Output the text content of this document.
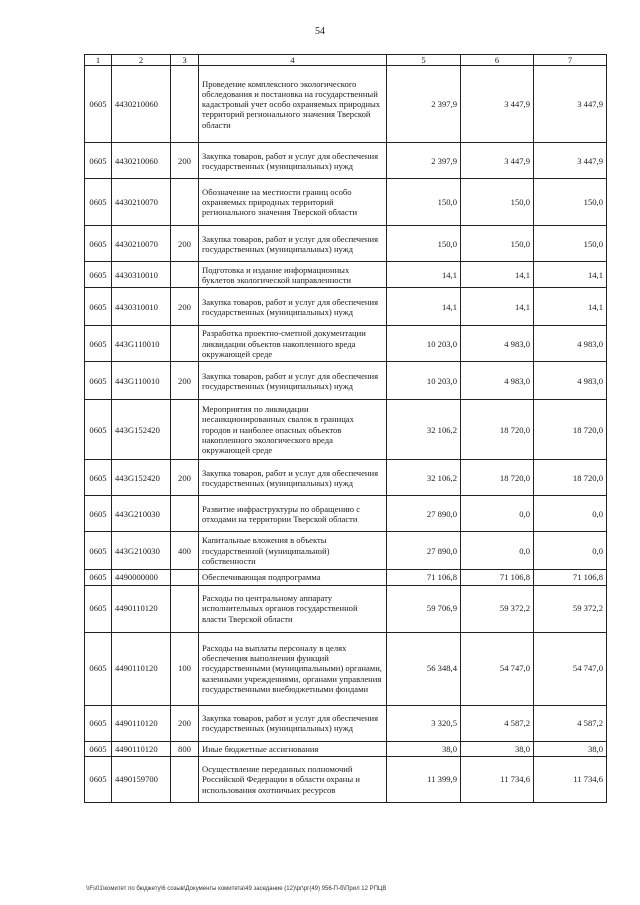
54
1	2	3	4	5	6	7
0605	4430210060		Проведение комплексного экологического обследования и постановка на государственный кадастровый учет особо охраняемых природных территорий регионального значения Тверской области	2 397,9	3 447,9	3 447,9
0605	4430210060	200	Закупка товаров, работ и услуг для обеспечения государственных (муниципальных) нужд	2 397,9	3 447,9	3 447,9
0605	4430210070		Обозначение на местности границ особо охраняемых природных территорий регионального значения Тверской области	150,0	150,0	150,0
0605	4430210070	200	Закупка товаров, работ и услуг для обеспечения государственных (муниципальных) нужд	150,0	150,0	150,0
0605	4430310010		Подготовка и издание информационных буклетов экологической направленности	14,1	14,1	14,1
0605	4430310010	200	Закупка товаров, работ и услуг для обеспечения государственных (муниципальных) нужд	14,1	14,1	14,1
0605	443G110010		Разработка проектно-сметной документации ликвидации объектов накопленного вреда окружающей среде	10 203,0	4 983,0	4 983,0
0605	443G110010	200	Закупка товаров, работ и услуг для обеспечения государственных (муниципальных) нужд	10 203,0	4 983,0	4 983,0
0605	443G152420		Мероприятия по ликвидации несанкционированных свалок в границах городов и наиболее опасных объектов накопленного экологического вреда окружающей среде	32 106,2	18 720,0	18 720,0
0605	443G152420	200	Закупка товаров, работ и услуг для обеспечения государственных (муниципальных) нужд	32 106,2	18 720,0	18 720,0
0605	443G210030		Развитие инфраструктуры по обращению с отходами на территории Тверской области	27 890,0	0,0	0,0
0605	443G210030	400	Капитальные вложения в объекты государственной (муниципальной) собственности	27 890,0	0,0	0,0
0605	4490000000		Обеспечивающая подпрограмма	71 106,8	71 106,8	71 106,8
0605	4490110120		Расходы по центральному аппарату исполнительных органов государственной власти Тверской области	59 706,9	59 372,2	59 372,2
0605	4490110120	100	Расходы на выплаты персоналу в целях обеспечения выполнения функций государственными (муниципальными) органами, казенными учреждениями, органами управления государственными внебюджетными фондами	56 348,4	54 747,0	54 747,0
0605	4490110120	200	Закупка товаров, работ и услуг для обеспечения государственных (муниципальных) нужд	3 320,5	4 587,2	4 587,2
0605	4490110120	800	Иные бюджетные ассигнования	38,0	38,0	38,0
0605	4490159700		Осуществление переданных полномочий Российской Федерации в области охраны и использования охотничьих ресурсов	11 399,9	11 734,6	11 734,6
\\Fs01\комитет по бюджету\6 созыв\Документы комитета\49 заседание (12)\рг\рг(49) 956-П-б\Прил 12 РПЦВ
